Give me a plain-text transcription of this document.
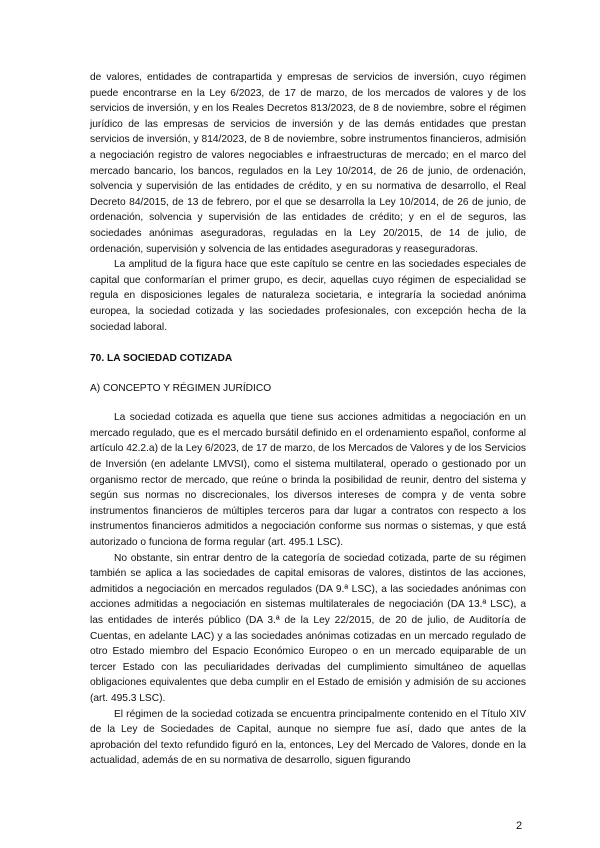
de valores, entidades de contrapartida y empresas de servicios de inversión, cuyo régimen puede encontrarse en la Ley 6/2023, de 17 de marzo, de los mercados de valores y de los servicios de inversión, y en los Reales Decretos 813/2023, de 8 de noviembre, sobre el régimen jurídico de las empresas de servicios de inversión y de las demás entidades que prestan servicios de inversión, y 814/2023, de 8 de noviembre, sobre instrumentos financieros, admisión a negociación registro de valores negociables e infraestructuras de mercado; en el marco del mercado bancario, los bancos, regulados en la Ley 10/2014, de 26 de junio, de ordenación, solvencia y supervisión de las entidades de crédito, y en su normativa de desarrollo, el Real Decreto 84/2015, de 13 de febrero, por el que se desarrolla la Ley 10/2014, de 26 de junio, de ordenación, solvencia y supervisión de las entidades de crédito; y en el de seguros, las sociedades anónimas aseguradoras, reguladas en la Ley 20/2015, de 14 de julio, de ordenación, supervisión y solvencia de las entidades aseguradoras y reaseguradoras.

La amplitud de la figura hace que este capítulo se centre en las sociedades especiales de capital que conformarían el primer grupo, es decir, aquellas cuyo régimen de especialidad se regula en disposiciones legales de naturaleza societaria, e integraría la sociedad anónima europea, la sociedad cotizada y las sociedades profesionales, con excepción hecha de la sociedad laboral.

70. LA SOCIEDAD COTIZADA

A) CONCEPTO Y RÉGIMEN JURÍDICO

La sociedad cotizada es aquella que tiene sus acciones admitidas a negociación en un mercado regulado, que es el mercado bursátil definido en el ordenamiento español, conforme al artículo 42.2.a) de la Ley 6/2023, de 17 de marzo, de los Mercados de Valores y de los Servicios de Inversión (en adelante LMVSI), como el sistema multilateral, operado o gestionado por un organismo rector de mercado, que reúne o brinda la posibilidad de reunir, dentro del sistema y según sus normas no discrecionales, los diversos intereses de compra y de venta sobre instrumentos financieros de múltiples terceros para dar lugar a contratos con respecto a los instrumentos financieros admitidos a negociación conforme sus normas o sistemas, y que está autorizado o funciona de forma regular (art. 495.1 LSC).

No obstante, sin entrar dentro de la categoría de sociedad cotizada, parte de su régimen también se aplica a las sociedades de capital emisoras de valores, distintos de las acciones, admitidos a negociación en mercados regulados (DA 9.ª LSC), a las sociedades anónimas con acciones admitidas a negociación en sistemas multilaterales de negociación (DA 13.ª LSC), a las entidades de interés público (DA 3.ª de la Ley 22/2015, de 20 de julio, de Auditoría de Cuentas, en adelante LAC) y a las sociedades anónimas cotizadas en un mercado regulado de otro Estado miembro del Espacio Económico Europeo o en un mercado equiparable de un tercer Estado con las peculiaridades derivadas del cumplimiento simultáneo de aquellas obligaciones equivalentes que deba cumplir en el Estado de emisión y admisión de su acciones (art. 495.3 LSC).

El régimen de la sociedad cotizada se encuentra principalmente contenido en el Título XIV de la Ley de Sociedades de Capital, aunque no siempre fue así, dado que antes de la aprobación del texto refundido figuró en la, entonces, Ley del Mercado de Valores, donde en la actualidad, además de en su normativa de desarrollo, siguen figurando

2
